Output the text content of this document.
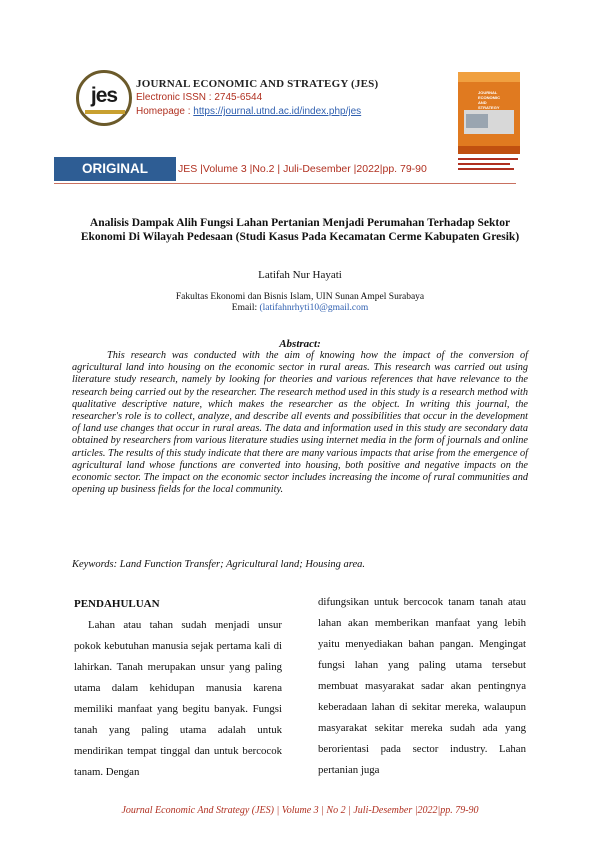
jes JOURNAL ECONOMIC AND STRATEGY (JES)
Electronic ISSN : 2745-6544
Homepage : https://journal.utnd.ac.id/index.php/jes
JOURNAL
ECONOMIC
AND
STRATEGY
ORIGINAL ARTICEL
JES |Volume 3 |No.2 | Juli-Desember |2022|pp. 79-90
Analisis Dampak Alih Fungsi Lahan Pertanian Menjadi Perumahan Terhadap Sektor Ekonomi Di Wilayah Pedesaan (Studi Kasus Pada Kecamatan Cerme Kabupaten Gresik)
Latifah Nur Hayati
Fakultas Ekonomi dan Bisnis Islam, UIN Sunan Ampel Surabaya
Email: (latifahnrhyti10@gmail.com
Abstract:
This research was conducted with the aim of knowing how the impact of the conversion of agricultural land into housing on the economic sector in rural areas. This research was carried out using literature study research, namely by looking for theories and various references that have relevance to the research being carried out by the researcher. The research method used in this study is a research method with qualitative descriptive nature, which makes the researcher as the object. In writing this journal, the researcher's role is to collect, analyze, and describe all events and possibilities that occur in the development of land use changes that occur in rural areas. The data and information used in this study are secondary data obtained by researchers from various literature studies using internet media in the form of journals and online articles. The results of this study indicate that there are many various impacts that arise from the emergence of agricultural land whose functions are converted into housing, both positive and negative impacts on the economic sector. The impact on the economic sector includes increasing the income of rural communities and opening up business fields for the local community.
Keywords: Land Function Transfer; Agricultural land; Housing area.
PENDAHULUAN
Lahan atau tahan sudah menjadi unsur pokok kebutuhan manusia sejak pertama kali di lahirkan. Tanah merupakan unsur yang paling utama dalam kehidupan manusia karena memiliki manfaat yang begitu banyak. Fungsi tanah yang paling utama adalah untuk mendirikan tempat tinggal dan untuk bercocok tanam. Dengan
difungsikan untuk bercocok tanam tanah atau lahan akan memberikan manfaat yang lebih yaitu menyediakan bahan pangan. Mengingat fungsi lahan yang paling utama tersebut membuat masyarakat sadar akan pentingnya keberadaan lahan di sekitar mereka, walaupun masyarakat sekitar mereka sudah ada yang berorientasi pada sector industry. Lahan pertanian juga
Journal Economic And Strategy (JES) | Volume 3 | No 2 | Juli-Desember |2022|pp. 79-90
